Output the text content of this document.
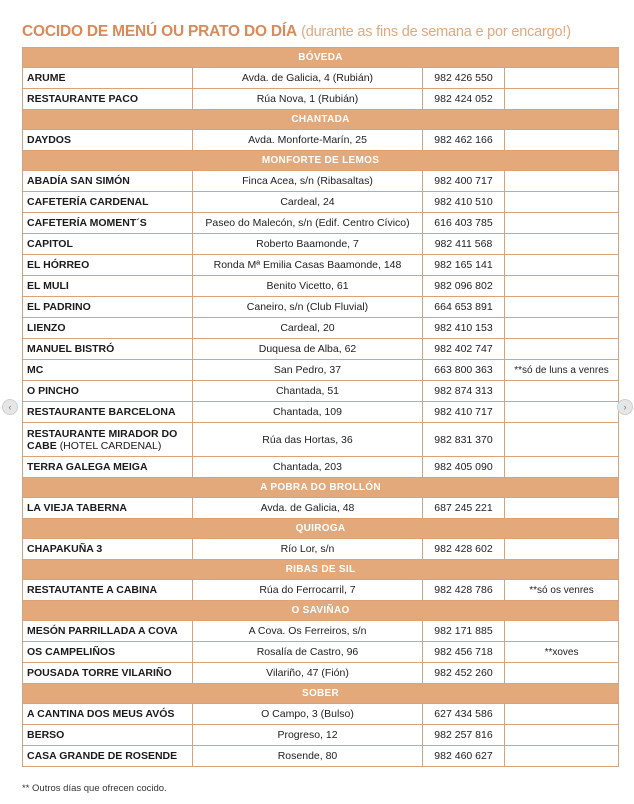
COCIDO DE MENÚ OU PRATO DO DÍA (durante as fins de semana e por encargo!)
BÓVEDA			
ARUME	Avda. de Galicia, 4 (Rubián)	982 426 550	
RESTAURANTE PACO	Rúa Nova, 1 (Rubián)	982 424 052	
CHANTADA			
DAYDOS	Avda. Monforte-Marín, 25	982 462 166	
MONFORTE DE LEMOS			
ABADÍA SAN SIMÓN	Finca Acea, s/n (Ribasaltas)	982 400 717	
CAFETERÍA CARDENAL	Cardeal, 24	982 410 510	
CAFETERÍA MOMENT´S	Paseo do Malecón, s/n (Edif. Centro Cívico)	616 403 785	
CAPITOL	Roberto Baamonde, 7	982 411 568	
EL HÓRREO	Ronda Mª Emilia Casas Baamonde, 148	982 165 141	
EL MULI	Benito Vicetto, 61	982 096 802	
EL PADRINO	Caneiro, s/n (Club Fluvial)	664 653 891	
LIENZO	Cardeal, 20	982 410 153	
MANUEL BISTRÓ	Duquesa de Alba, 62	982 402 747	
MC	San Pedro, 37	663 800 363	**só de luns a venres
O PINCHO	Chantada, 51	982 874 313	
RESTAURANTE BARCELONA	Chantada, 109	982 410 717	
RESTAURANTE MIRADOR DO CABE (HOTEL CARDENAL)	Rúa das Hortas, 36	982 831 370	
TERRA GALEGA MEIGA	Chantada, 203	982 405 090	
A POBRA DO BROLLÓN			
LA VIEJA TABERNA	Avda. de Galicia, 48	687 245 221	
QUIROGA			
CHAPAKUÑA 3	Río Lor, s/n	982 428 602	
RIBAS DE SIL			
RESTAUTANTE A CABINA	Rúa do Ferrocarril, 7	982 428 786	**só os venres
O SAVIÑAO			
MESÓN PARRILLADA A COVA	A Cova. Os Ferreiros, s/n	982 171 885	
OS CAMPELIÑOS	Rosalía de Castro, 96	982 456 718	**xoves
POUSADA TORRE VILARIÑO	Vilariño, 47 (Fión)	982 452 260	
SOBER			
A CANTINA DOS MEUS AVÓS	O Campo, 3 (Bulso)	627 434 586	
BERSO	Progreso, 12	982 257 816	
CASA GRANDE DE ROSENDE	Rosende, 80	982 460 627	
** Outros días que ofrecen cocido.
‹	›
